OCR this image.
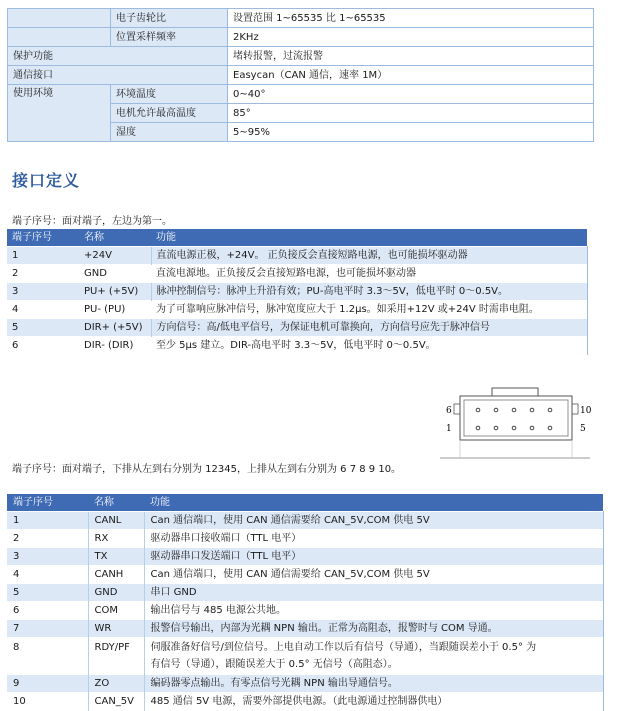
	电子齿轮比	设置范围 1~65535 比 1~65535
	位置采样频率	2KHz
保护功能		堵转报警，过流报警
通信接口		Easycan（CAN 通信，速率 1M）
使用环境	环境温度	0~40°
	电机允许最高温度	85°
	湿度	5~95%
接口定义
端子序号：面对端子，左边为第一。
端子序号	名称	功能
1	+24V	直流电源正极，+24V。 正负接反会直接短路电源，也可能损坏驱动器
2	GND	直流电源地。正负接反会直接短路电源，也可能损坏驱动器
3	PU+ (+5V)	脉冲控制信号：脉冲上升沿有效；PU-高电平时 3.3～5V，低电平时 0～0.5V。
4	PU- (PU)	为了可靠响应脉冲信号，脉冲宽度应大于 1.2μs。如采用+12V 或+24V 时需串电阻。
5	DIR+ (+5V)	方向信号：高/低电平信号，为保证电机可靠换向，方向信号应先于脉冲信号
6	DIR- (DIR)	至少 5μs 建立。DIR-高电平时 3.3～5V，低电平时 0～0.5V。
6
1
10
5
端子序号：面对端子，下排从左到右分别为 12345，上排从左到右分别为 6 7 8 9 10。
端子序号	名称	功能
1	CANL	Can 通信端口，使用 CAN 通信需要给 CAN_5V,COM 供电 5V
2	RX	驱动器串口接收端口（TTL 电平）
3	TX	驱动器串口发送端口（TTL 电平）
4	CANH	Can 通信端口，使用 CAN 通信需要给 CAN_5V,COM 供电 5V
5	GND	串口 GND
6	COM	输出信号与 485 电源公共地。
7	WR	报警信号输出，内部为光耦 NPN 输出。正常为高阻态，报警时与 COM 导通。
8	RDY/PF	伺服准备好信号/到位信号。上电自动工作以后有信号（导通），当跟随误差小于 0.5° 为
有信号（导通），跟随误差大于 0.5° 无信号（高阻态）。

9	ZO	编码器零点输出。有零点信号光耦 NPN 输出导通信号。
10	CAN_5V	485 通信 5V 电源，需要外部提供电源。（此电源通过控制器供电）
